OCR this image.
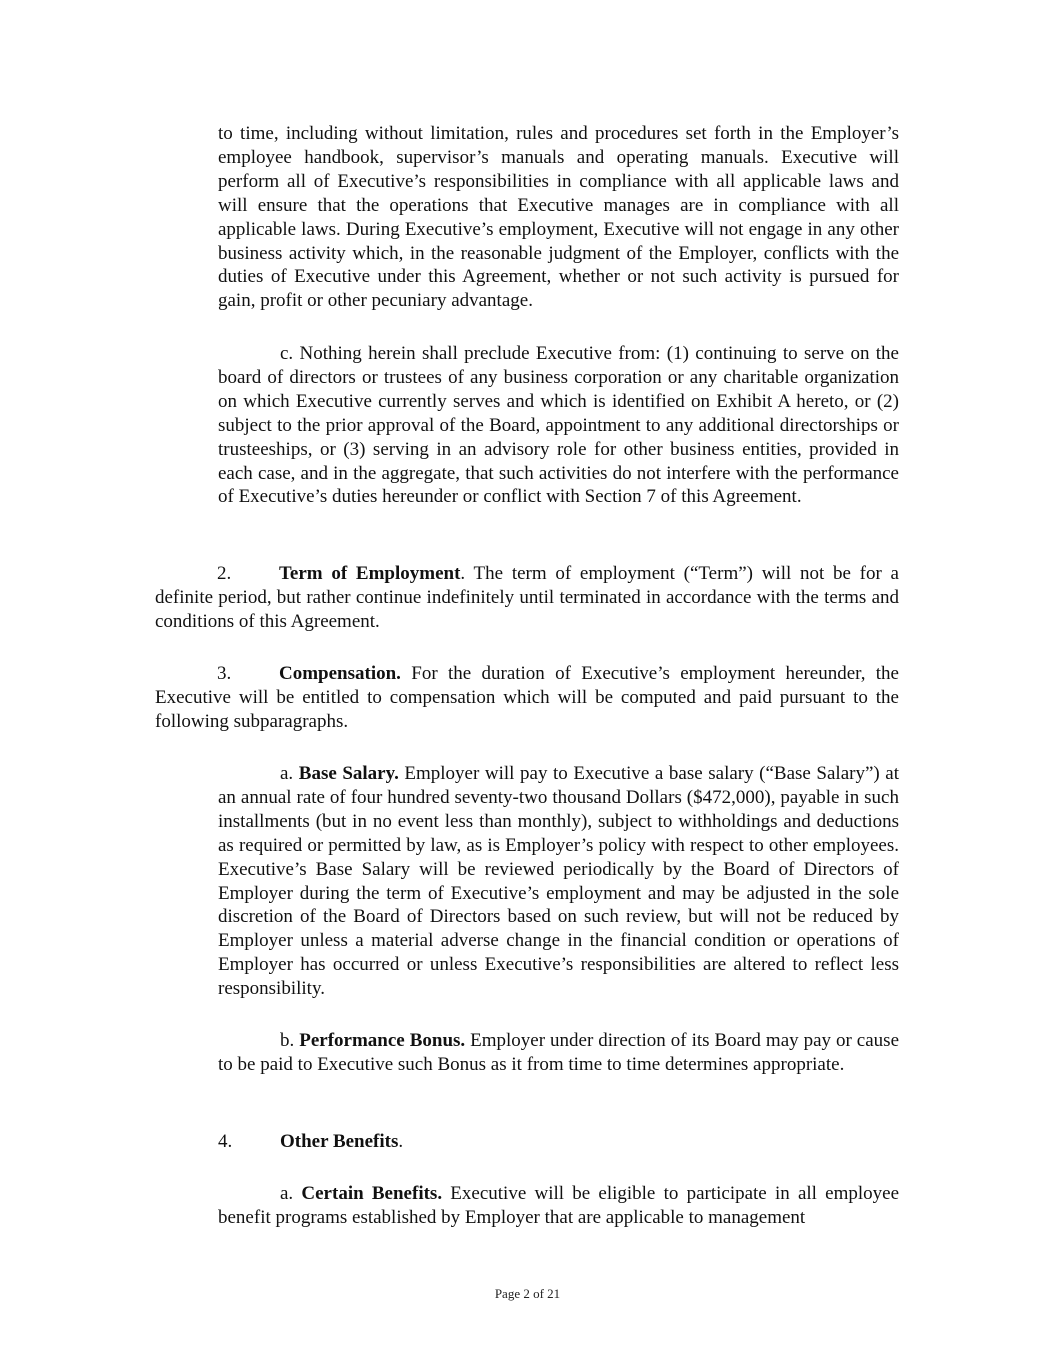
to time, including without limitation, rules and procedures set forth in the Employer’s employee handbook, supervisor’s manuals and operating manuals. Executive will perform all of Executive’s responsibilities in compliance with all applicable laws and will ensure that the operations that Executive manages are in compliance with all applicable laws. During Executive’s employment, Executive will not engage in any other business activity which, in the reasonable judgment of the Employer, conflicts with the duties of Executive under this Agreement, whether or not such activity is pursued for gain, profit or other pecuniary advantage.

c. Nothing herein shall preclude Executive from: (1) continuing to serve on the board of directors or trustees of any business corporation or any charitable organization on which Executive currently serves and which is identified on Exhibit A hereto, or (2) subject to the prior approval of the Board, appointment to any additional directorships or trusteeships, or (3) serving in an advisory role for other business entities, provided in each case, and in the aggregate, that such activities do not interfere with the performance of Executive’s duties hereunder or conflict with Section 7 of this Agreement.

2.	Term of Employment. The term of employment (“Term”) will not be for a definite period, but rather continue indefinitely until terminated in accordance with the terms and conditions of this Agreement.

3.	Compensation. For the duration of Executive’s employment hereunder, the Executive will be entitled to compensation which will be computed and paid pursuant to the following subparagraphs.

a. Base Salary. Employer will pay to Executive a base salary (“Base Salary”) at an annual rate of four hundred seventy-two thousand Dollars ($472,000), payable in such installments (but in no event less than monthly), subject to withholdings and deductions as required or permitted by law, as is Employer’s policy with respect to other employees. Executive’s Base Salary will be reviewed periodically by the Board of Directors of Employer during the term of Executive’s employment and may be adjusted in the sole discretion of the Board of Directors based on such review, but will not be reduced by Employer unless a material adverse change in the financial condition or operations of Employer has occurred or unless Executive’s responsibilities are altered to reflect less responsibility.

b. Performance Bonus. Employer under direction of its Board may pay or cause to be paid to Executive such Bonus as it from time to time determines appropriate.

4.	Other Benefits.

a. Certain Benefits. Executive will be eligible to participate in all employee benefit programs established by Employer that are applicable to management

Page 2 of 21
